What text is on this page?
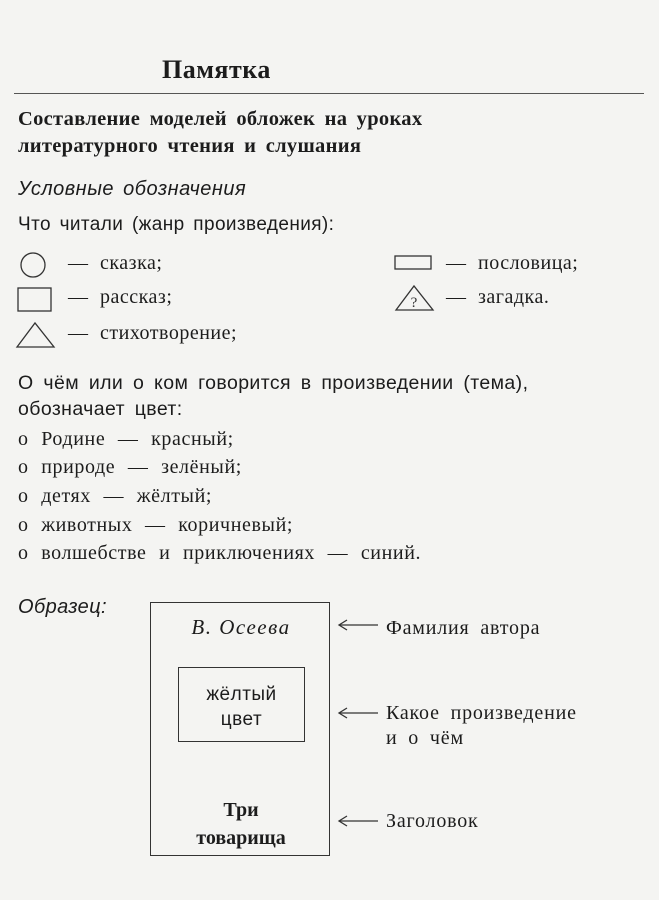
Памятка
Составление моделей обложек на уроках
литературного чтения и слушания
Условные обозначения
Что читали (жанр произведения):
— сказка;
— рассказ;
— стихотворение;
— пословица;
? — загадка.
О чём или о ком говорится в произведении (тема),
обозначает цвет:
о Родине — красный;
о природе — зелёный;
о детях — жёлтый;
о животных — коричневый;
о волшебстве и приключениях — синий.
Образец:
В. Осеева
жёлтый
цвет
Три
товарища
Фамилия автора
Какое произведение
и о чём
Заголовок
